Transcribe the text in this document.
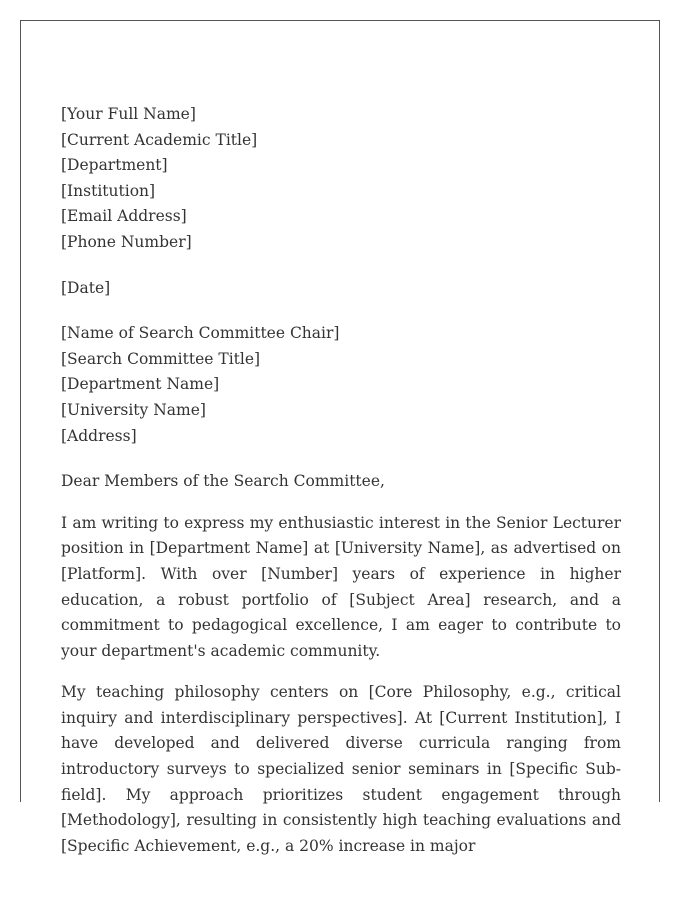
[Your Full Name]
[Current Academic Title]
[Department]
[Institution]
[Email Address]
[Phone Number]
[Date]
[Name of Search Committee Chair]
[Search Committee Title]
[Department Name]
[University Name]
[Address]
Dear Members of the Search Committee,
I am writing to express my enthusiastic interest in the Senior Lecturer position in [Department Name] at [University Name], as advertised on [Platform]. With over [Number] years of experience in higher education, a robust portfolio of [Subject Area] research, and a commitment to pedagogical excellence, I am eager to contribute to your department's academic community.
My teaching philosophy centers on [Core Philosophy, e.g., critical inquiry and interdisciplinary perspectives]. At [Current Institution], I have developed and delivered diverse curricula ranging from introductory surveys to specialized senior seminars in [Specific Sub-field]. My approach prioritizes student engagement through [Methodology], resulting in consistently high teaching evaluations and [Specific Achievement, e.g., a 20% increase in major
